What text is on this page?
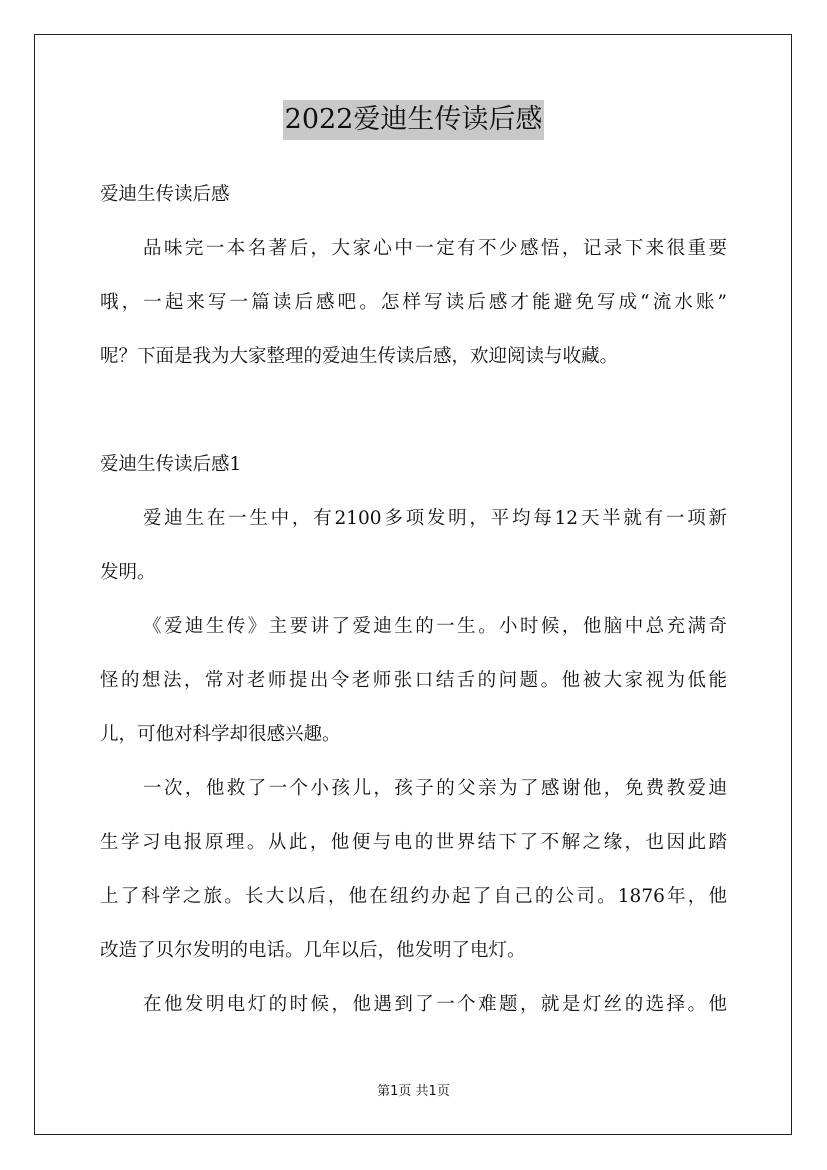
2022爱迪生传读后感
爱迪生传读后感
品味完一本名著后，大家心中一定有不少感悟，记录下来很重要
哦，一起来写一篇读后感吧。怎样写读后感才能避免写成“流水账”
呢？下面是我为大家整理的爱迪生传读后感，欢迎阅读与收藏。
爱迪生传读后感1
爱迪生在一生中，有2100多项发明，平均每12天半就有一项新
发明。
《爱迪生传》主要讲了爱迪生的一生。小时候，他脑中总充满奇
怪的想法，常对老师提出令老师张口结舌的问题。他被大家视为低能
儿，可他对科学却很感兴趣。
一次，他救了一个小孩儿，孩子的父亲为了感谢他，免费教爱迪
生学习电报原理。从此，他便与电的世界结下了不解之缘，也因此踏
上了科学之旅。长大以后，他在纽约办起了自己的公司。1876年，他
改造了贝尔发明的电话。几年以后，他发明了电灯。
在他发明电灯的时候，他遇到了一个难题，就是灯丝的选择。他
第1页 共1页
